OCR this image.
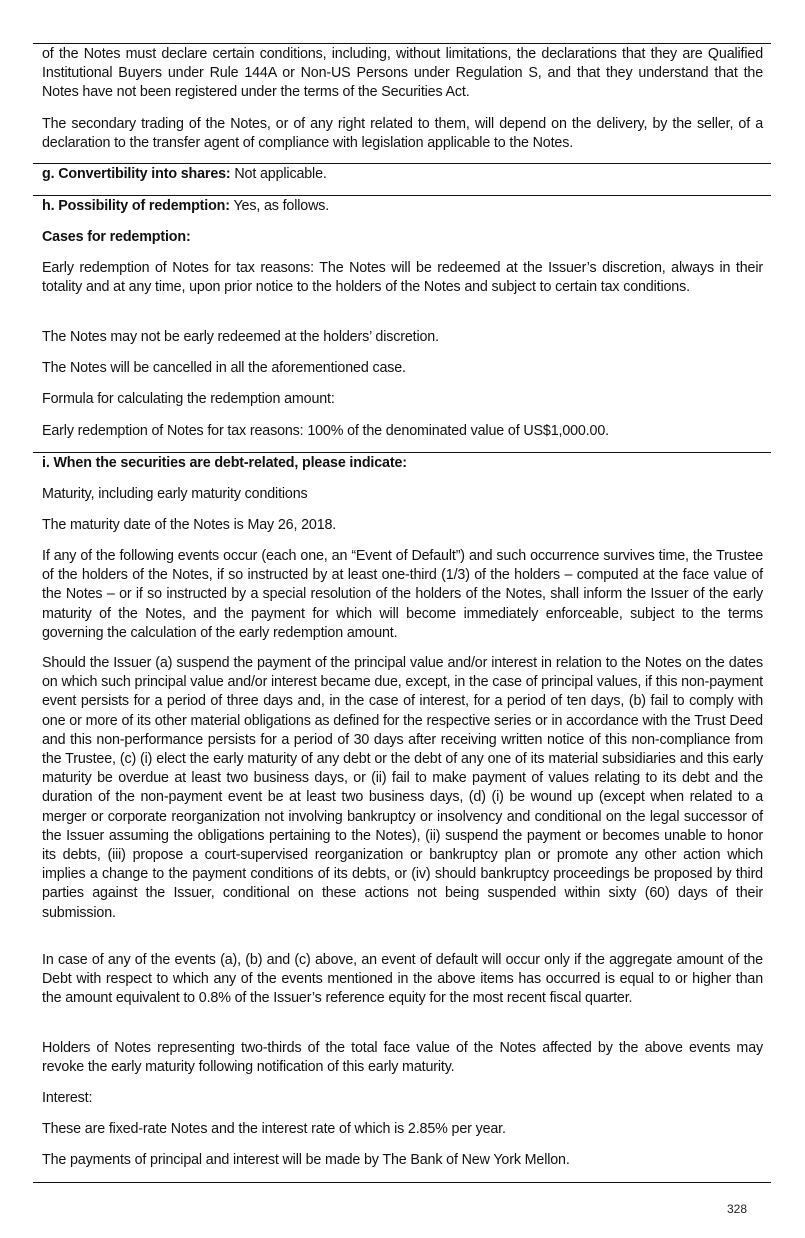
of the Notes must declare certain conditions, including, without limitations, the declarations that they are Qualified Institutional Buyers under Rule 144A or Non-US Persons under Regulation S, and that they understand that the Notes have not been registered under the terms of the Securities Act.
The secondary trading of the Notes, or of any right related to them, will depend on the delivery, by the seller, of a declaration to the transfer agent of compliance with legislation applicable to the Notes.
g. Convertibility into shares: Not applicable.
h. Possibility of redemption: Yes, as follows.
Cases for redemption:
Early redemption of Notes for tax reasons: The Notes will be redeemed at the Issuer’s discretion, always in their totality and at any time, upon prior notice to the holders of the Notes and subject to certain tax conditions.
The Notes may not be early redeemed at the holders’ discretion.
The Notes will be cancelled in all the aforementioned case.
Formula for calculating the redemption amount:
Early redemption of Notes for tax reasons: 100% of the denominated value of US$1,000.00.
i. When the securities are debt-related, please indicate:
Maturity, including early maturity conditions
The maturity date of the Notes is May 26, 2018.
If any of the following events occur (each one, an “Event of Default”) and such occurrence survives time, the Trustee of the holders of the Notes, if so instructed by at least one-third (1/3) of the holders – computed at the face value of the Notes – or if so instructed by a special resolution of the holders of the Notes, shall inform the Issuer of the early maturity of the Notes, and the payment for which will become immediately enforceable, subject to the terms governing the calculation of the early redemption amount.
Should the Issuer (a) suspend the payment of the principal value and/or interest in relation to the Notes on the dates on which such principal value and/or interest became due, except, in the case of principal values, if this non-payment event persists for a period of three days and, in the case of interest, for a period of ten days, (b) fail to comply with one or more of its other material obligations as defined for the respective series or in accordance with the Trust Deed and this non-performance persists for a period of 30 days after receiving written notice of this non-compliance from the Trustee, (c) (i) elect the early maturity of any debt or the debt of any one of its material subsidiaries and this early maturity be overdue at least two business days, or (ii) fail to make payment of values relating to its debt and the duration of the non-payment event be at least two business days, (d) (i) be wound up (except when related to a merger or corporate reorganization not involving bankruptcy or insolvency and conditional on the legal successor of the Issuer assuming the obligations pertaining to the Notes), (ii) suspend the payment or becomes unable to honor its debts, (iii) propose a court-supervised reorganization or bankruptcy plan or promote any other action which implies a change to the payment conditions of its debts, or (iv) should bankruptcy proceedings be proposed by third parties against the Issuer, conditional on these actions not being suspended within sixty (60) days of their submission.
In case of any of the events (a), (b) and (c) above, an event of default will occur only if the aggregate amount of the Debt with respect to which any of the events mentioned in the above items has occurred is equal to or higher than the amount equivalent to 0.8% of the Issuer’s reference equity for the most recent fiscal quarter.
Holders of Notes representing two-thirds of the total face value of the Notes affected by the above events may revoke the early maturity following notification of this early maturity.
Interest:
These are fixed-rate Notes and the interest rate of which is 2.85% per year.
The payments of principal and interest will be made by The Bank of New York Mellon.
328
